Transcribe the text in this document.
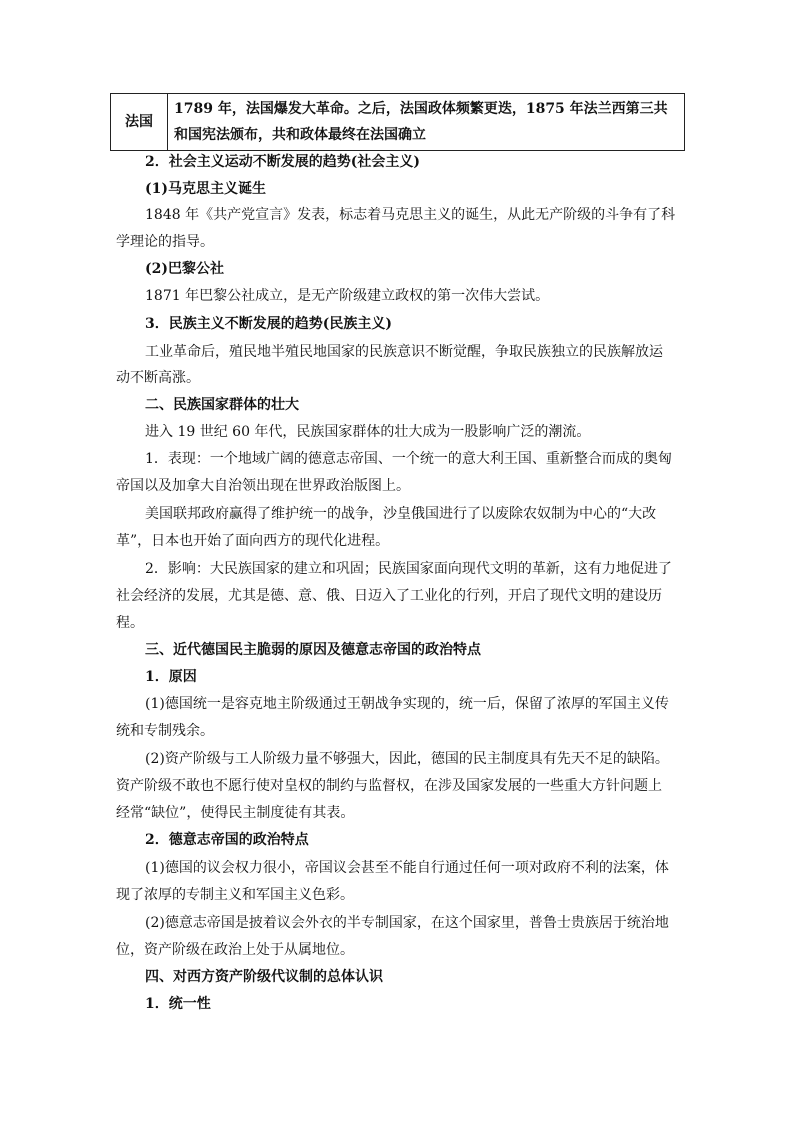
法国	1789 年，法国爆发大革命。之后，法国政体频繁更迭，1875 年法兰西第三共和国宪法颁布，共和政体最终在法国确立

2．社会主义运动不断发展的趋势(社会主义)

(1)马克思主义诞生

1848 年《共产党宣言》发表，标志着马克思主义的诞生，从此无产阶级的斗争有了科

学理论的指导。

(2)巴黎公社

1871 年巴黎公社成立，是无产阶级建立政权的第一次伟大尝试。

3．民族主义不断发展的趋势(民族主义)

工业革命后，殖民地半殖民地国家的民族意识不断觉醒，争取民族独立的民族解放运

动不断高涨。

二、民族国家群体的壮大

进入 19 世纪 60 年代，民族国家群体的壮大成为一股影响广泛的潮流。

1．表现：一个地域广阔的德意志帝国、一个统一的意大利王国、重新整合而成的奥匈

帝国以及加拿大自治领出现在世界政治版图上。

美国联邦政府赢得了维护统一的战争，沙皇俄国进行了以废除农奴制为中心的“大改

革”，日本也开始了面向西方的现代化进程。

2．影响：大民族国家的建立和巩固；民族国家面向现代文明的革新，这有力地促进了

社会经济的发展，尤其是德、意、俄、日迈入了工业化的行列，开启了现代文明的建设历

程。

三、近代德国民主脆弱的原因及德意志帝国的政治特点

1．原因

(1)德国统一是容克地主阶级通过王朝战争实现的，统一后，保留了浓厚的军国主义传

统和专制残余。

(2)资产阶级与工人阶级力量不够强大，因此，德国的民主制度具有先天不足的缺陷。

资产阶级不敢也不愿行使对皇权的制约与监督权，在涉及国家发展的一些重大方针问题上

经常“缺位”，使得民主制度徒有其表。

2．德意志帝国的政治特点

(1)德国的议会权力很小，帝国议会甚至不能自行通过任何一项对政府不利的法案，体

现了浓厚的专制主义和军国主义色彩。

(2)德意志帝国是披着议会外衣的半专制国家，在这个国家里，普鲁士贵族居于统治地

位，资产阶级在政治上处于从属地位。

四、对西方资产阶级代议制的总体认识

1．统一性
